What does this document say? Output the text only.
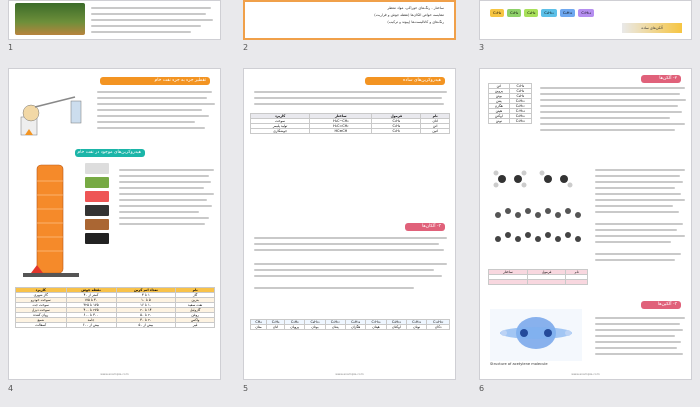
1
ساختار - رنگ‌های خوراکی، مواد معطر
مقایسه خواص آلکان‌ها (نقطه جوش و فراریت)
رنگ‌های و کاتالیست‌ها (پیوند و ترکیب)
2
C₂H₄	C₃H₆	C₄H₈	C₅H₁₀	C₆H₁₂	C₇H₁₄
آلکن‌های ساده
3
تقطیر جزء به جزء نفت خام
هیدروکربن‌های موجود در نفت خام
نام	تعداد اتم کربن	نقطه جوش	کاربرد
گاز	۱ تا ۴	کمتر از ۴۰	گاز شهری
بنزین	۵ تا ۱۰	۴۰ تا ۱۷۵	سوخت خودرو
نفت سفید	۱۰ تا ۱۶	۱۷۵ تا ۳۲۵	سوخت جت
گازوئیل	۱۴ تا ۲۰	۲۷۵ تا ۴۰۰	سوخت دیزل
روغن	۲۰ تا ۵۰	۴۰۰ تا ۶۰۰	روان کننده
واکس	۲۰ تا ۴۰	جامد	شمع
قیر	بیش از ۵۰	بیش از ۶۰۰	آسفالت
www.example.com
4
هیدروکربن‌های ساده
نام	فرمول	ساختار	کاربرد
اتان	C₂H₆	H₃C−CH₃	سوخت
اتن	C₂H₄	H₂C=CH₂	تولید پلیمر
اتین	C₂H₂	HC≡CH	جوشکاری
۳- آلکان‌ها
C₁₀H₂₂	C₉H₂₀	C₈H₁₈	C₇H₁₆	C₆H₁₄	C₅H₁₂	C₄H₁₀	C₃H₈	C₂H₆	CH₄
دکان	نونان	اوکتان	هپتان	هگزان	پنتان	بوتان	پروپان	اتان	متان
www.example.com
5
۲- آلکن‌ها
C₂H₄	اتن
C₃H₆	پروپن
C₄H₈	بوتن
C₅H₁₀	پنتن
C₆H₁₂	هگزن
C₇H₁₄	هپتن
C₈H₁₆	اوکتن
C₉H₁₈	نونن
نام	فرمول	ساختار

۳- آلکین‌ها
Structure of acetylene molecule
www.example.com
6
